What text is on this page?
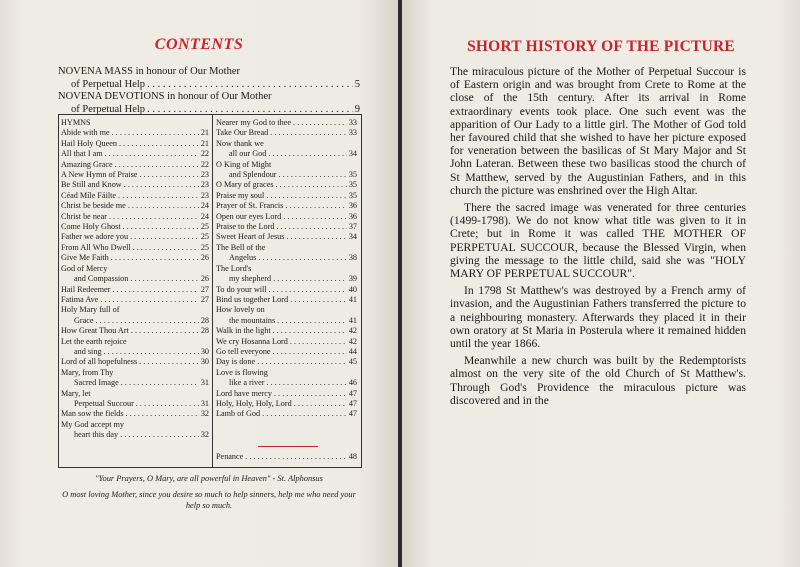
CONTENTS
NOVENA MASS in honour of Our Mother
of Perpetual Help . . .	5
NOVENA DEVOTIONS in honour of Our Mother
of Perpetual Help . . .	9
HYMNS
Abide with me . . .	21
Hail Holy Queen . . .	21
All that I am . . .	22
Amazing Grace . . .	22
A New Hymn of Praise . . .	23
Be Still and Know . . .	23
Céad Míle Fáilte . . .	23
Christ be beside me . . .	24
Christ be near . . .	24
Come Holy Ghost . . .	25
Father we adore you . . .	25
From All Who Dwell . . .	25
Give Me Faith . . .	26
God of Mercy
and Compassion . . .	26
Hail Redeemer . . .	27
Fatima Ave . . .	27
Holy Mary full of
Grace . . .	28
How Great Thou Art . . .	28
Let the earth rejoice
and sing . . .	30
Lord of all hopefulness . . .	30
Mary, from Thy
Sacred Image . . .	31
Mary, let
Perpetual Succour . . .	31
Man sow the fields . . .	32
My God accept my
heart this day . . .	32
Nearer my God to thee . . .	33
Take Our Bread . . .	33
Now thank we
all our God . . .	34
O King of Might
and Splendour . . .	35
O Mary of graces . . .	35
Praise my soul . . .	35
Prayer of St. Francis . . .	36
Open our eyes Lord . . .	36
Praise to the Lord . . .	37
Sweet Heart of Jesus . . .	34
The Bell of the
Angelus . . .	38
The Lord's
my shepherd . . .	39
To do your will . . .	40
Bind us together Lord . . .	41
How lovely on
the mountains . . .	41
Walk in the light . . .	42
We cry Hosanna Lord . . .	42
Go tell everyone . . .	44
Day is done . . .	45
Love is flowing
like a river . . .	46
Lord have mercy . . .	47
Holy, Holy, Holy, Lord . . .	47
Lamb of God . . .	47
Penance . . .	48
"Your Prayers, O Mary, are all powerful in Heaven" - St. Alphonsus
O most loving Mother, since you desire so much to help sinners, help me who need your help so much.
SHORT HISTORY OF THE PICTURE

The miraculous picture of the Mother of Perpetual Succour is of Eastern origin and was brought from Crete to Rome at the close of the 15th century. After its arrival in Rome extraordinary events took place. One such event was the apparition of Our Lady to a little girl. The Mother of God told her favoured child that she wished to have her picture exposed for veneration between the basilicas of St Mary Major and St John Lateran. Between these two basilicas stood the church of St Matthew, served by the Augustinian Fathers, and in this church the picture was enshrined over the High Altar.

There the sacred image was venerated for three centuries (1499-1798). We do not know what title was given to it in Crete; but in Rome it was called THE MOTHER OF PERPETUAL SUCCOUR, because the Blessed Virgin, when giving the message to the little child, said she was "HOLY MARY OF PERPETUAL SUCCOUR".

In 1798 St Matthew's was destroyed by a French army of invasion, and the Augustinian Fathers transferred the picture to a neighbouring monastery. Afterwards they placed it in their own oratory at St Maria in Posterula where it remained hidden until the year 1866.

Meanwhile a new church was built by the Redemptorists almost on the very site of the old Church of St Matthew's. Through God's Providence the miraculous picture was discovered and in the
